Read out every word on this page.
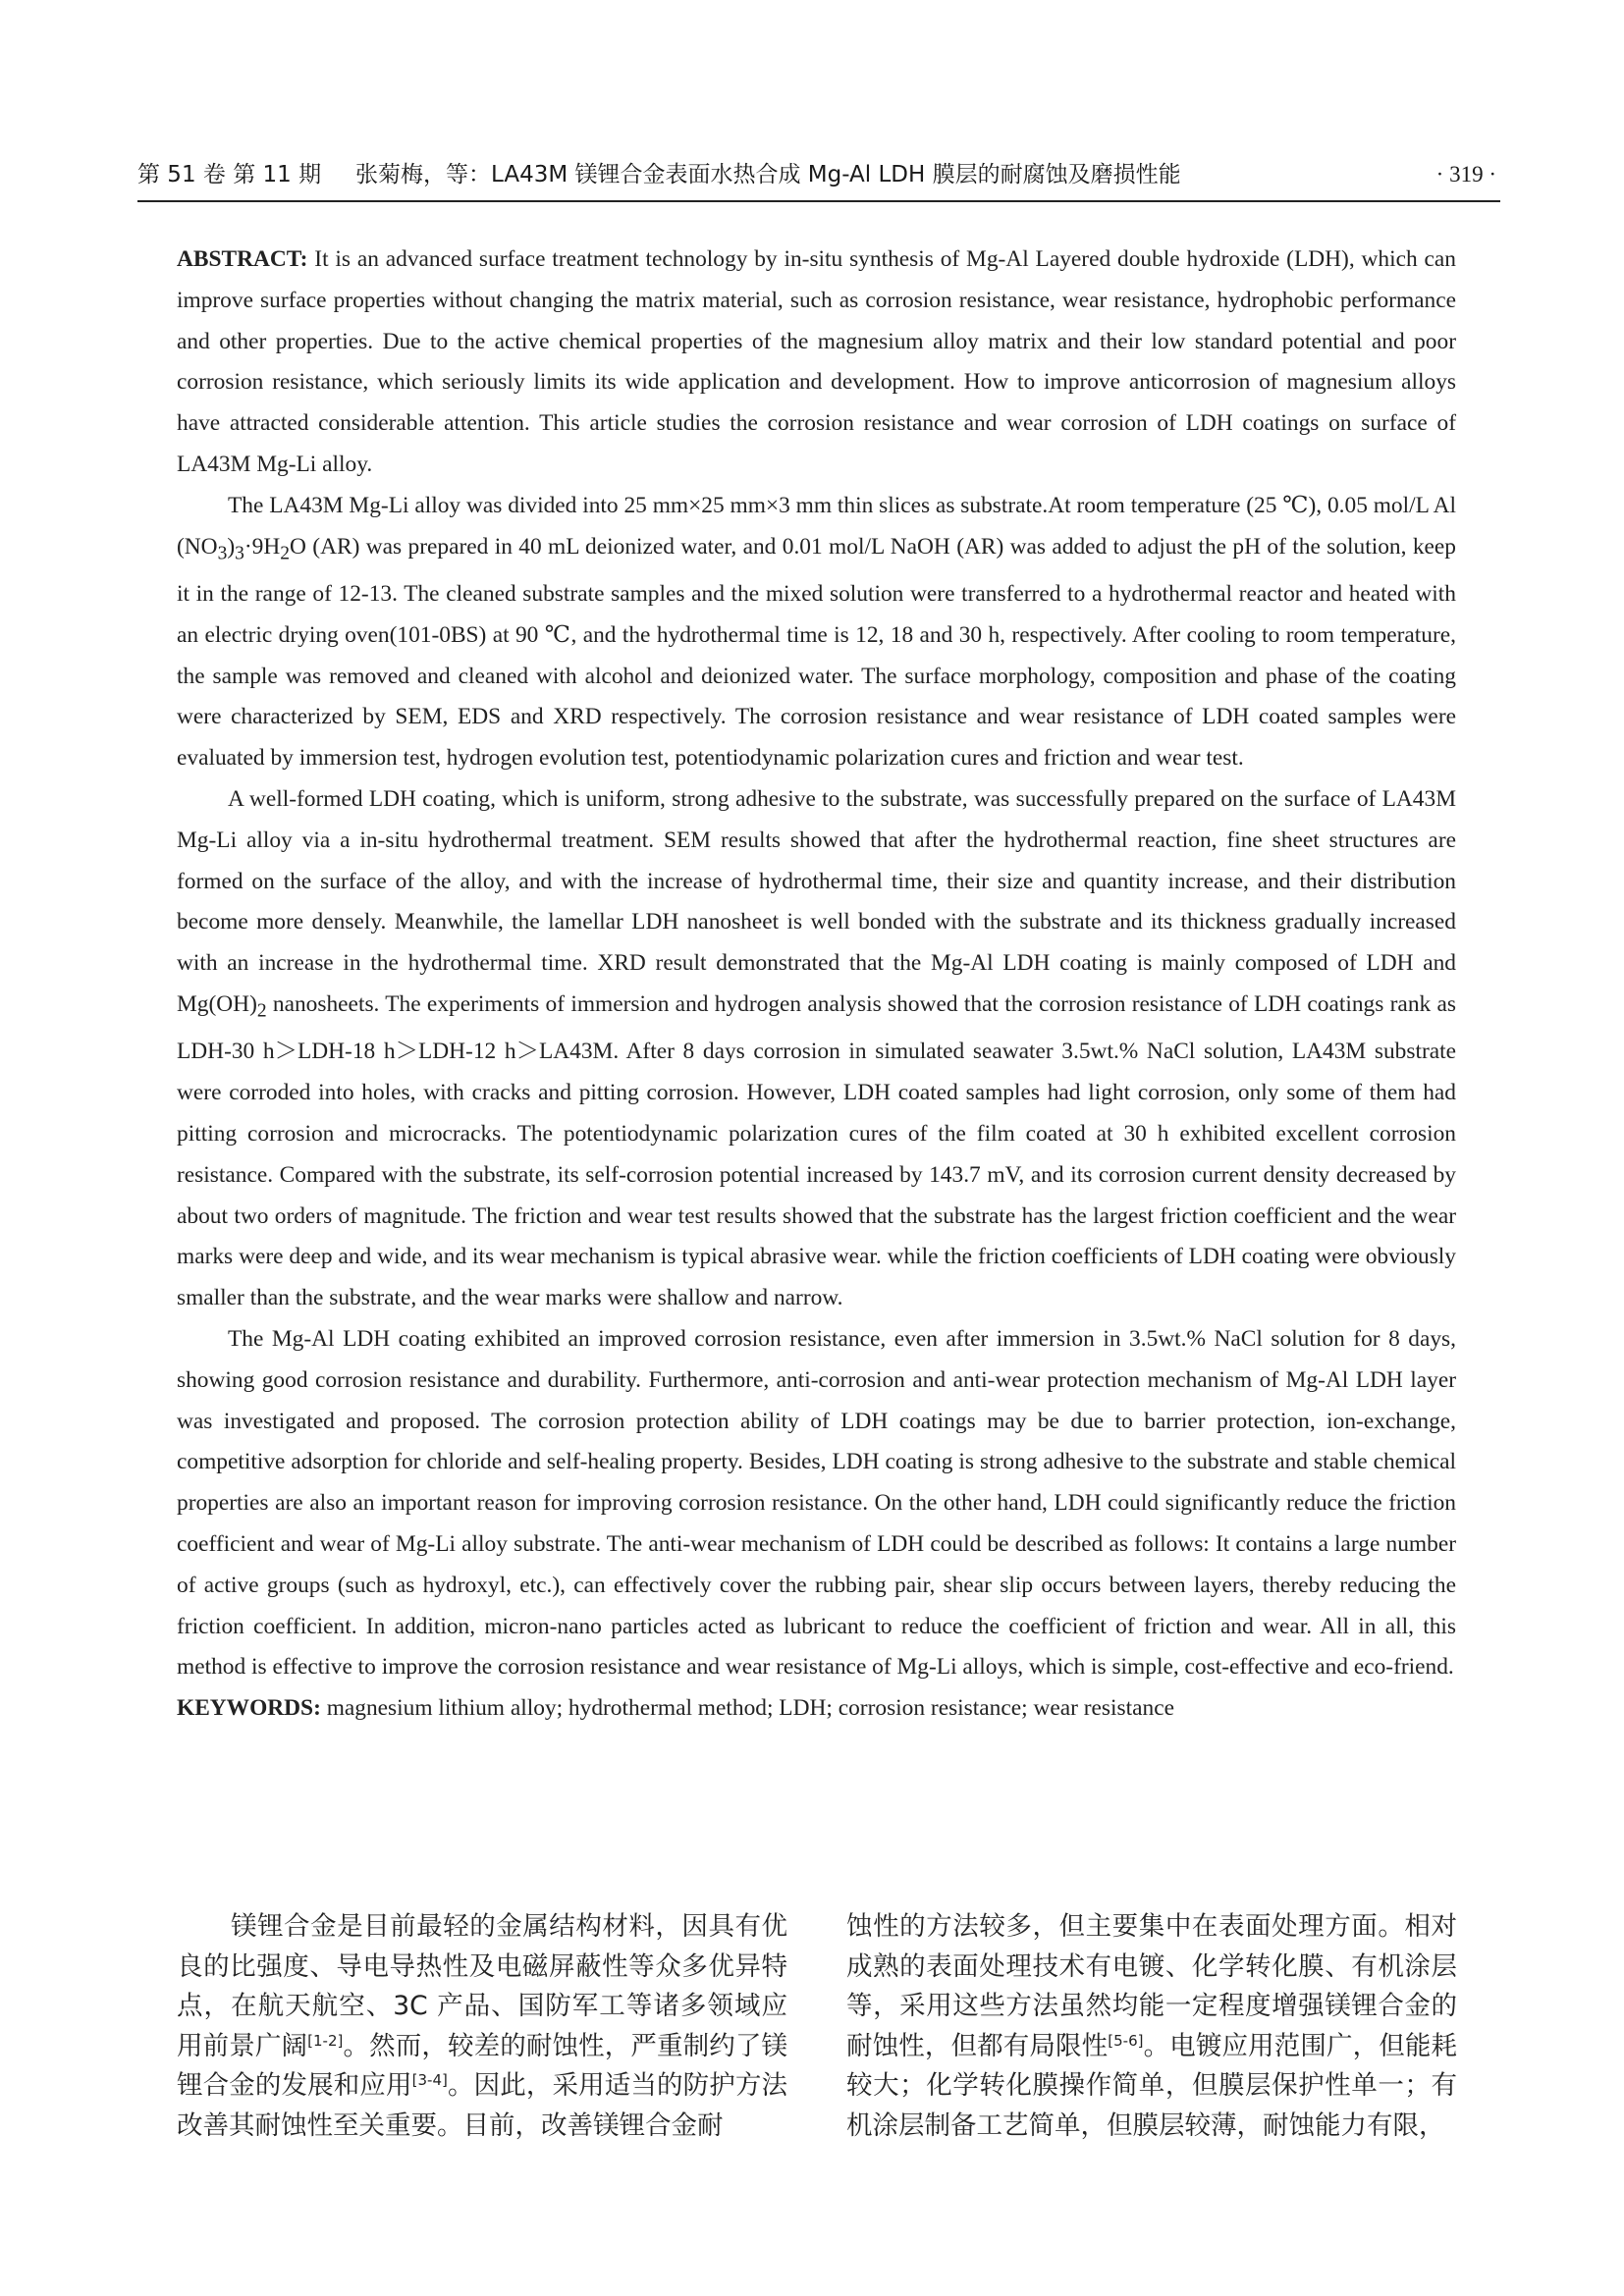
第 51 卷 第 11 期 张菊梅，等：LA43M 镁锂合金表面水热合成 Mg-Al LDH 膜层的耐腐蚀及磨损性能	· 319 ·

ABSTRACT: It is an advanced surface treatment technology by in-situ synthesis of Mg-Al Layered double hydroxide (LDH), which can improve surface properties without changing the matrix material, such as corrosion resistance, wear resistance, hydrophobic performance and other properties. Due to the active chemical properties of the magnesium alloy matrix and their low standard potential and poor corrosion resistance, which seriously limits its wide application and development. How to improve anticorrosion of magnesium alloys have attracted considerable attention. This article studies the corrosion resistance and wear corrosion of LDH coatings on surface of LA43M Mg-Li alloy.

The LA43M Mg-Li alloy was divided into 25 mm×25 mm×3 mm thin slices as substrate.At room temperature (25 ℃), 0.05 mol/L Al $(NO_3)_3\cdot 9H_2O$ (AR) was prepared in 40 mL deionized water, and 0.01 mol/L NaOH (AR) was added to adjust the pH of the solution, keep it in the range of 12-13. The cleaned substrate samples and the mixed solution were transferred to a hydrothermal reactor and heated with an electric drying oven(101-0BS) at 90 ℃, and the hydrothermal time is 12, 18 and 30 h, respectively. After cooling to room temperature, the sample was removed and cleaned with alcohol and deionized water. The surface morphology, composition and phase of the coating were characterized by SEM, EDS and XRD respectively. The corrosion resistance and wear resistance of LDH coated samples were evaluated by immersion test, hydrogen evolution test, potentiodynamic polarization cures and friction and wear test.

A well-formed LDH coating, which is uniform, strong adhesive to the substrate, was successfully prepared on the surface of LA43M Mg-Li alloy via a in-situ hydrothermal treatment. SEM results showed that after the hydrothermal reaction, fine sheet structures are formed on the surface of the alloy, and with the increase of hydrothermal time, their size and quantity increase, and their distribution become more densely. Meanwhile, the lamellar LDH nanosheet is well bonded with the substrate and its thickness gradually increased with an increase in the hydrothermal time. XRD result demonstrated that the Mg-Al LDH coating is mainly composed of LDH and $Mg(OH)_2$ nanosheets. The experiments of immersion and hydrogen analysis showed that the corrosion resistance of LDH coatings rank as LDH-30 h＞LDH-18 h＞LDH-12 h＞LA43M. After 8 days corrosion in simulated seawater 3.5wt.% NaCl solution, LA43M substrate were corroded into holes, with cracks and pitting corrosion. However, LDH coated samples had light corrosion, only some of them had pitting corrosion and microcracks. The potentiodynamic polarization cures of the film coated at 30 h exhibited excellent corrosion resistance. Compared with the substrate, its self-corrosion potential increased by 143.7 mV, and its corrosion current density decreased by about two orders of magnitude. The friction and wear test results showed that the substrate has the largest friction coefficient and the wear marks were deep and wide, and its wear mechanism is typical abrasive wear. while the friction coefficients of LDH coating were obviously smaller than the substrate, and the wear marks were shallow and narrow.

The Mg-Al LDH coating exhibited an improved corrosion resistance, even after immersion in 3.5wt.% NaCl solution for 8 days, showing good corrosion resistance and durability. Furthermore, anti-corrosion and anti-wear protection mechanism of Mg-Al LDH layer was investigated and proposed. The corrosion protection ability of LDH coatings may be due to barrier protection, ion-exchange, competitive adsorption for chloride and self-healing property. Besides, LDH coating is strong adhesive to the substrate and stable chemical properties are also an important reason for improving corrosion resistance. On the other hand, LDH could significantly reduce the friction coefficient and wear of Mg-Li alloy substrate. The anti-wear mechanism of LDH could be described as follows: It contains a large number of active groups (such as hydroxyl, etc.), can effectively cover the rubbing pair, shear slip occurs between layers, thereby reducing the friction coefficient. In addition, micron-nano particles acted as lubricant to reduce the coefficient of friction and wear. All in all, this method is effective to improve the corrosion resistance and wear resistance of Mg-Li alloys, which is simple, cost-effective and eco-friend.

KEYWORDS: magnesium lithium alloy; hydrothermal method; LDH; corrosion resistance; wear resistance

镁锂合金是目前最轻的金属结构材料，因具有优良的比强度、导电导热性及电磁屏蔽性等众多优异特点，在航天航空、3C 产品、国防军工等诸多领域应用前景广阔[1-2]。然而，较差的耐蚀性，严重制约了镁锂合金的发展和应用[3-4]。因此，采用适当的防护方法改善其耐蚀性至关重要。目前，改善镁锂合金耐

蚀性的方法较多，但主要集中在表面处理方面。相对成熟的表面处理技术有电镀、化学转化膜、有机涂层等，采用这些方法虽然均能一定程度增强镁锂合金的耐蚀性，但都有局限性[5-6]。电镀应用范围广，但能耗较大；化学转化膜操作简单，但膜层保护性单一；有机涂层制备工艺简单，但膜层较薄，耐蚀能力有限，
